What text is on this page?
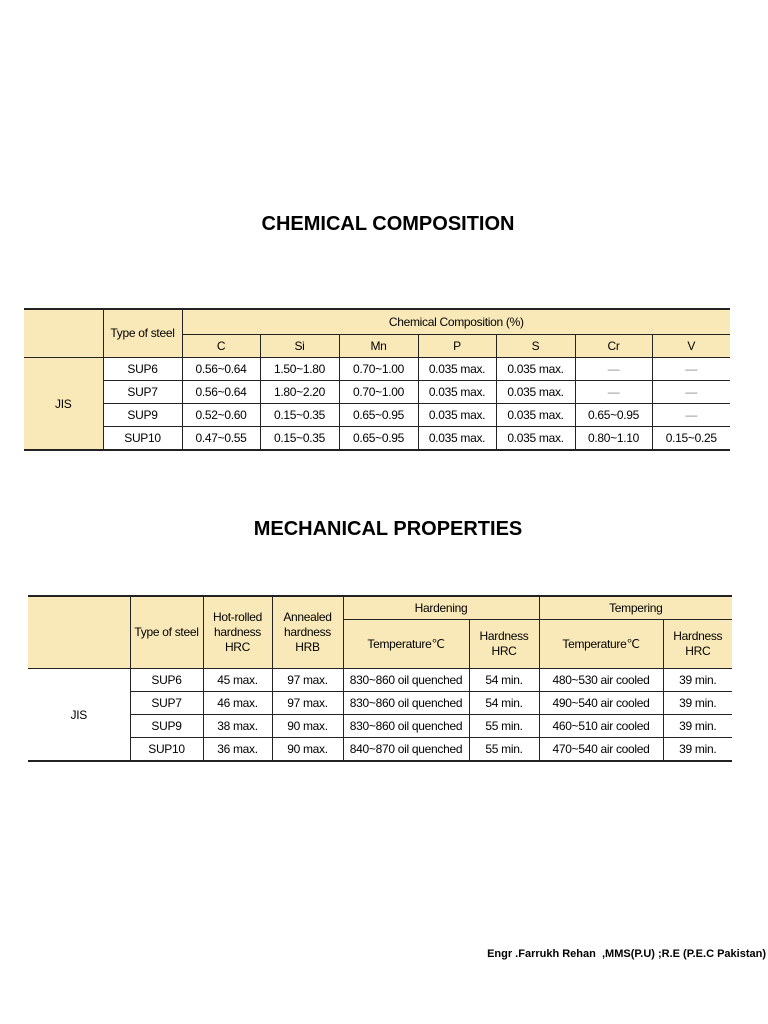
CHEMICAL COMPOSITION
	Type of steel	Chemical Composition (%)						
		C	Si	Mn	P	S	Cr	V
JIS	SUP6	0.56~0.64	1.50~1.80	0.70~1.00	0.035 max.	0.035 max.	—	—
	SUP7	0.56~0.64	1.80~2.20	0.70~1.00	0.035 max.	0.035 max.	—	—
	SUP9	0.52~0.60	0.15~0.35	0.65~0.95	0.035 max.	0.035 max.	0.65~0.95	—
	SUP10	0.47~0.55	0.15~0.35	0.65~0.95	0.035 max.	0.035 max.	0.80~1.10	0.15~0.25
MECHANICAL PROPERTIES
	Type of steel	Hot-rolled hardness HRC	Annealed hardness HRB	Hardening		Tempering	
				Temperature℃	Hardness HRC	Temperature℃	Hardness HRC
JIS	SUP6	45 max.	97 max.	830~860 oil quenched	54 min.	480~530 air cooled	39 min.
	SUP7	46 max.	97 max.	830~860 oil quenched	54 min.	490~540 air cooled	39 min.
	SUP9	38 max.	90 max.	830~860 oil quenched	55 min.	460~510 air cooled	39 min.
	SUP10	36 max.	90 max.	840~870 oil quenched	55 min.	470~540 air cooled	39 min.
Engr .Farrukh Rehan  ,MMS(P.U) ;R.E (P.E.C Pakistan)
